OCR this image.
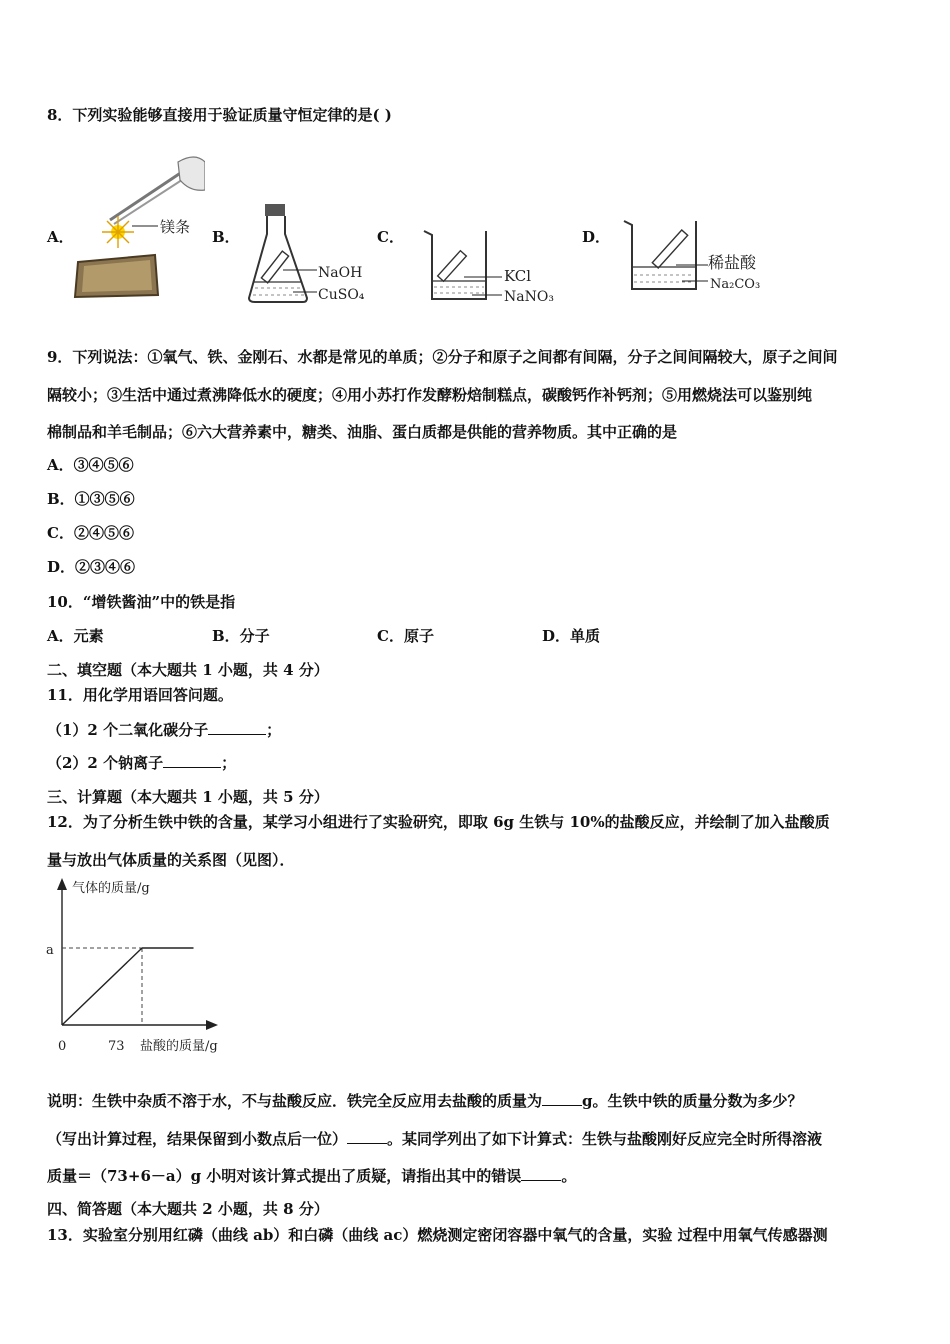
8．下列实验能够直接用于验证质量守恒定律的是( )
A．
镁条
B．
NaOH
CuSO₄
C．
KCl
NaNO₃
D．
稀盐酸
Na₂CO₃
9．下列说法：①氧气、铁、金刚石、水都是常见的单质；②分子和原子之间都有间隔，分子之间间隔较大，原子之间间
隔较小；③生活中通过煮沸降低水的硬度；④用小苏打作发酵粉焙制糕点，碳酸钙作补钙剂；⑤用燃烧法可以鉴别纯
棉制品和羊毛制品；⑥六大营养素中，糖类、油脂、蛋白质都是供能的营养物质。其中正确的是
A．③④⑤⑥
B．①③⑤⑥
C．②④⑤⑥
D．②③④⑥
10．“增铁酱油”中的铁是指
A．元素	B．分子	C．原子	D．单质
二、填空题（本大题共 1 小题，共 4 分）
11．用化学用语回答问题。
（1）2 个二氧化碳分子	；
（2）2 个钠离子	；
三、计算题（本大题共 1 小题，共 5 分）
12．为了分析生铁中铁的含量，某学习小组进行了实验研究，即取 6g 生铁与 10%的盐酸反应，并绘制了加入盐酸质
量与放出气体质量的关系图（见图）．
气体的质量/g
盐酸的质量/g
0	73
a
说明：生铁中杂质不溶于水，不与盐酸反应．铁完全反应用去盐酸的质量为	g。生铁中铁的质量分数为多少？
（写出计算过程，结果保留到小数点后一位）	。某同学列出了如下计算式：生铁与盐酸刚好反应完全时所得溶液
质量＝（73+6－a）g 小明对该计算式提出了质疑，请指出其中的错误	。
四、简答题（本大题共 2 小题，共 8 分）
13．实验室分别用红磷（曲线 ab）和白磷（曲线 ac）燃烧测定密闭容器中氧气的含量，实验 过程中用氧气传感器测
